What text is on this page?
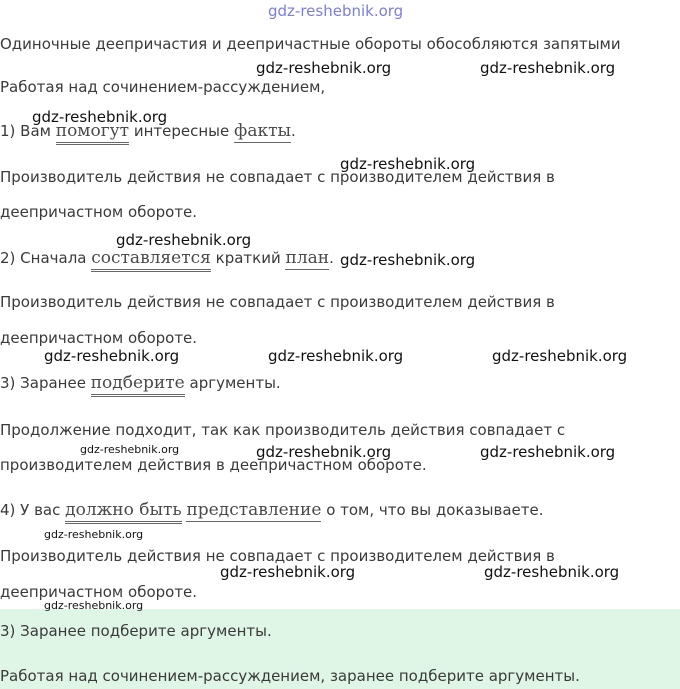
gdz-reshebnik.org
Одиночные деепричастия и деепричастные обороты обособляются запятыми
Работая над сочинением-рассуждением,
1) Вам помогут интересные факты.
Производитель действия не совпадает с производителем действия в
деепричастном обороте.
2) Сначала составляется краткий план.
Производитель действия не совпадает с производителем действия в
деепричастном обороте.
3) Заранее подберите аргументы.
Продолжение подходит, так как производитель действия совпадает с
производителем действия в деепричастном обороте.
4) У вас должно быть представление о том, что вы доказываете.
Производитель действия не совпадает с производителем действия в
деепричастном обороте.
3) Заранее подберите аргументы.
Работая над сочинением-рассуждением, заранее подберите аргументы.
gdz-reshebnik.org	gdz-reshebnik.org
gdz-reshebnik.org
gdz-reshebnik.org
gdz-reshebnik.org
gdz-reshebnik.org
gdz-reshebnik.org	gdz-reshebnik.org	gdz-reshebnik.org
gdz-reshebnik.org	gdz-reshebnik.org	gdz-reshebnik.org
gdz-reshebnik.org
gdz-reshebnik.org	gdz-reshebnik.org
gdz-reshebnik.org
